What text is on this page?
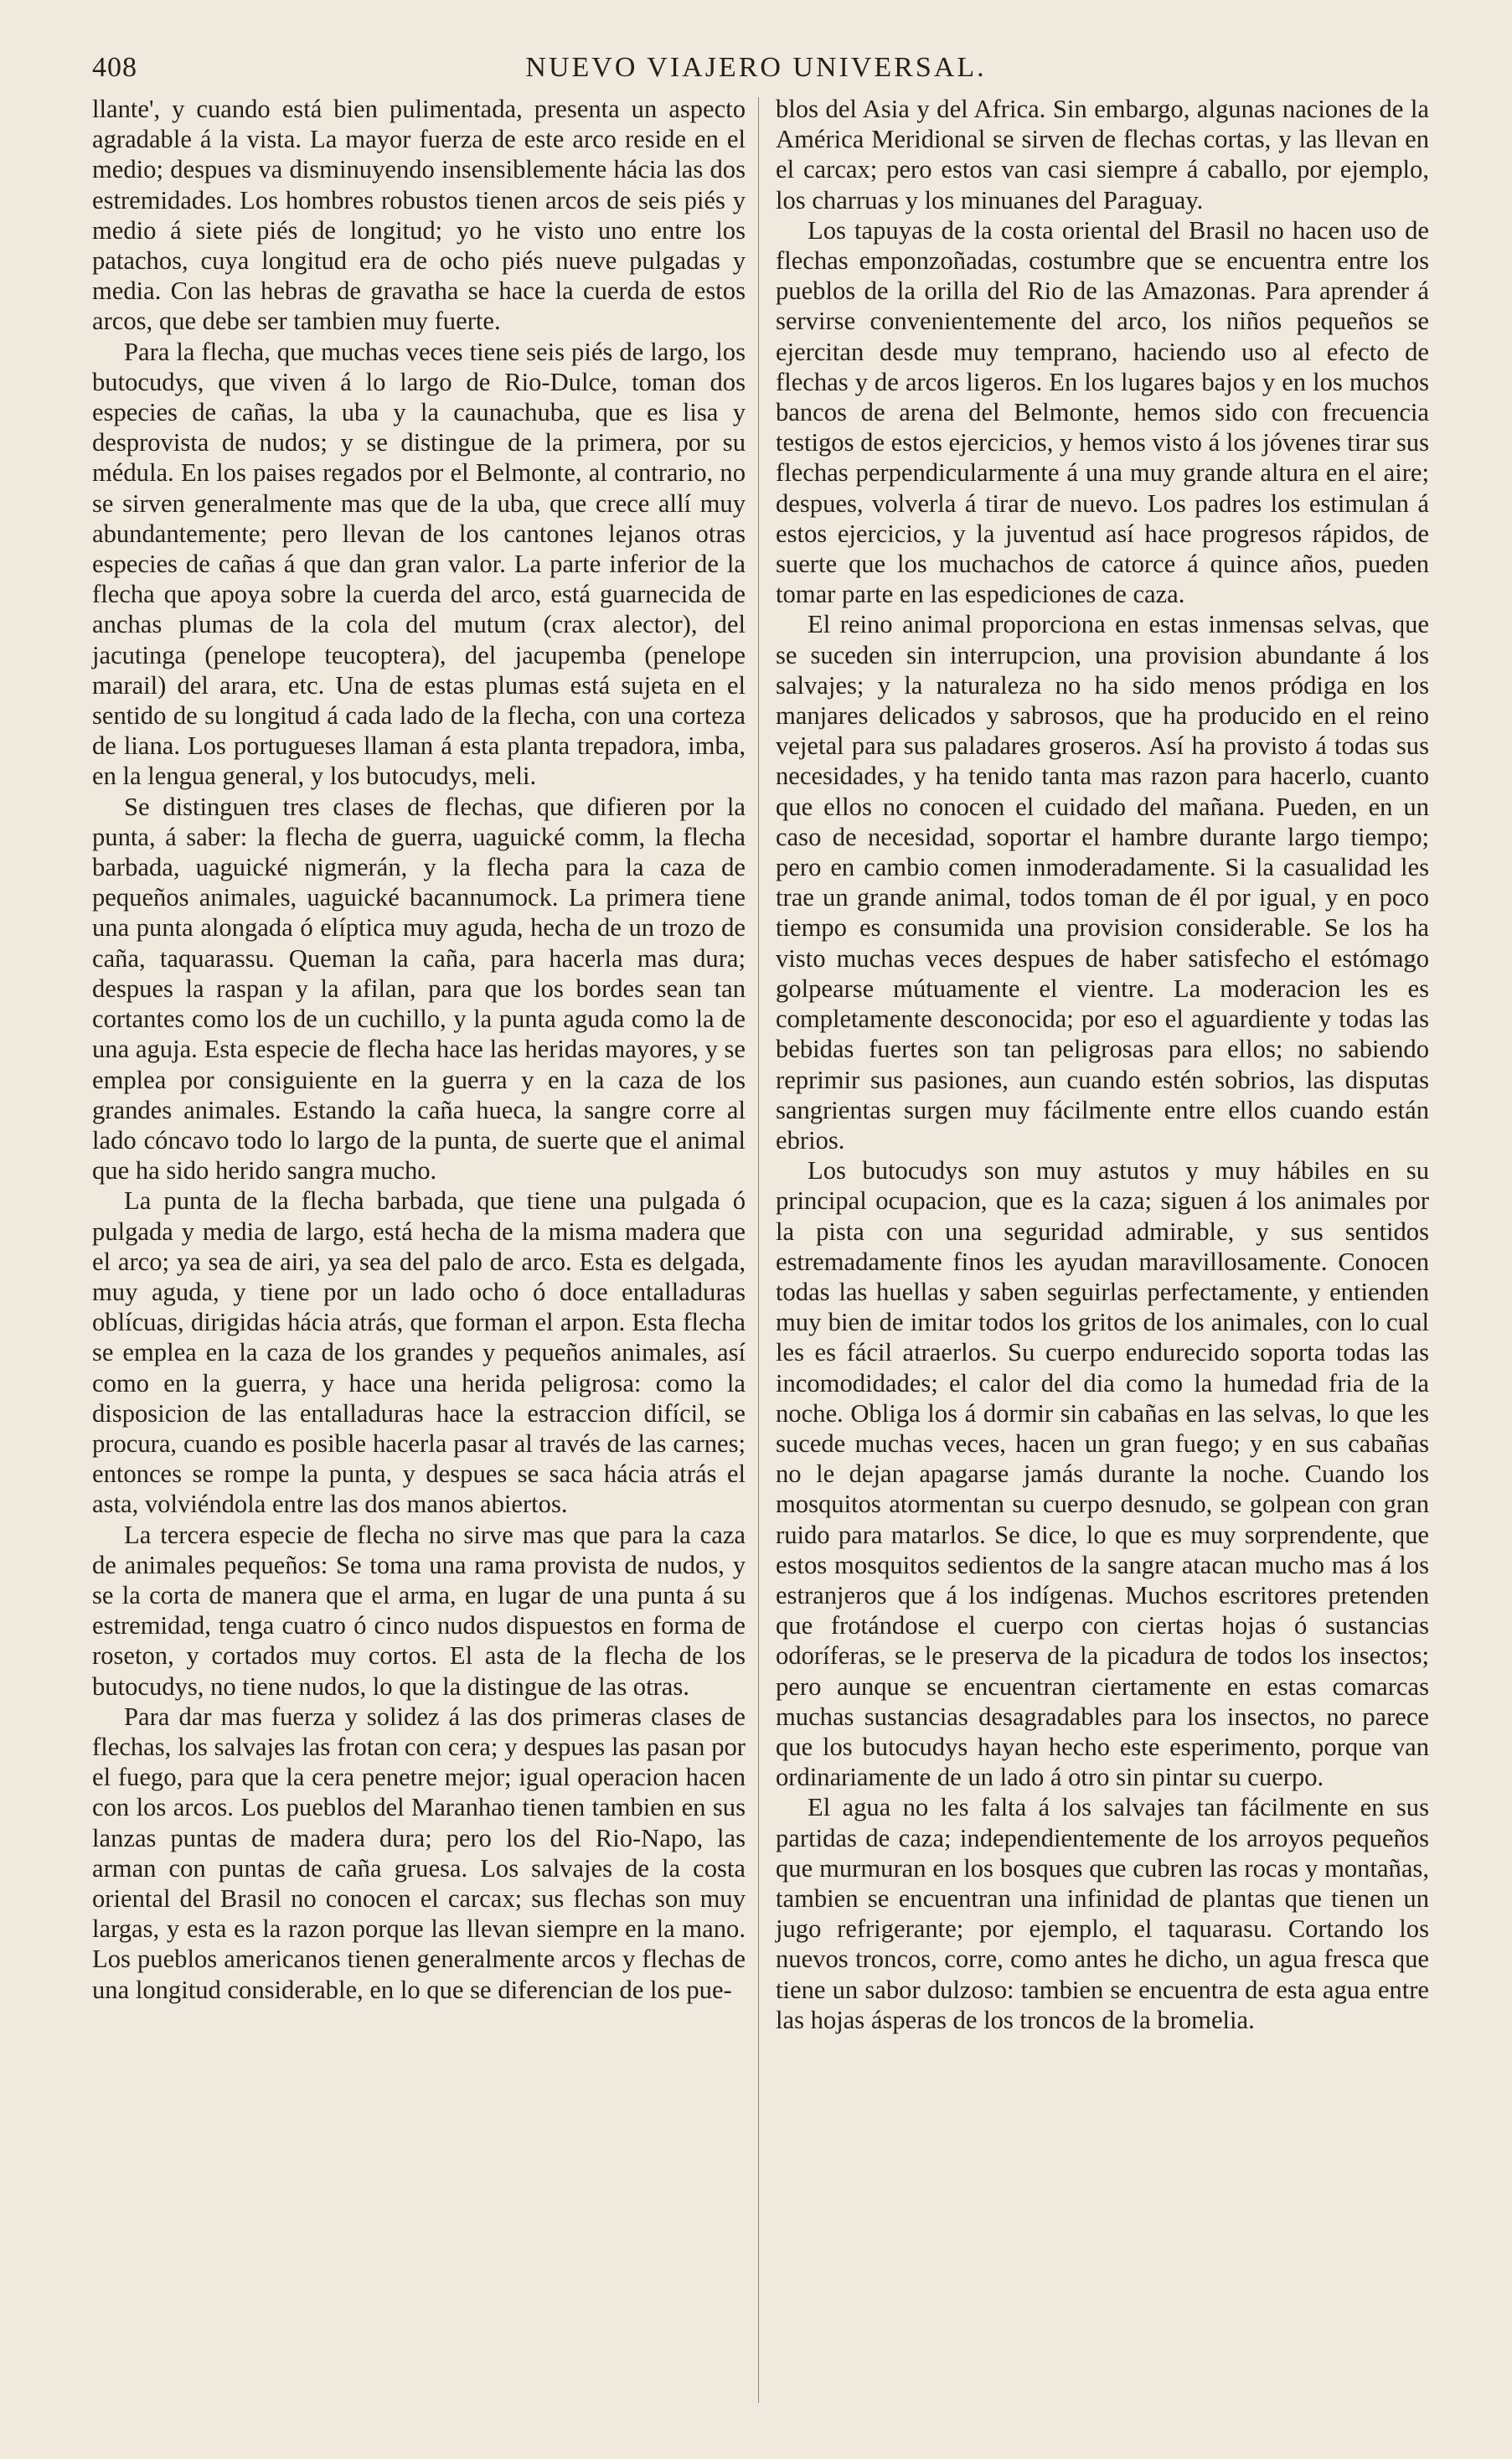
408	NUEVO VIAJERO UNIVERSAL.

llante', y cuando está bien pulimentada, presenta un aspecto agradable á la vista. La mayor fuerza de este arco reside en el medio; despues va disminuyendo insensiblemente hácia las dos estremidades. Los hombres robustos tienen arcos de seis piés y medio á siete piés de longitud; yo he visto uno entre los patachos, cuya longitud era de ocho piés nueve pulgadas y media. Con las hebras de gravatha se hace la cuerda de estos arcos, que debe ser tambien muy fuerte.

Para la flecha, que muchas veces tiene seis piés de largo, los butocudys, que viven á lo largo de Rio-Dulce, toman dos especies de cañas, la uba y la caunachuba, que es lisa y desprovista de nudos; y se distingue de la primera, por su médula. En los paises regados por el Belmonte, al contrario, no se sirven generalmente mas que de la uba, que crece allí muy abundantemente; pero llevan de los cantones lejanos otras especies de cañas á que dan gran valor. La parte inferior de la flecha que apoya sobre la cuerda del arco, está guarnecida de anchas plumas de la cola del mutum (crax alector), del jacutinga (penelope teucoptera), del jacupemba (penelope marail) del arara, etc. Una de estas plumas está sujeta en el sentido de su longitud á cada lado de la flecha, con una corteza de liana. Los portugueses llaman á esta planta trepadora, imba, en la lengua general, y los butocudys, meli.

Se distinguen tres clases de flechas, que difieren por la punta, á saber: la flecha de guerra, uaguické comm, la flecha barbada, uaguické nigmerán, y la flecha para la caza de pequeños animales, uaguické bacannumock. La primera tiene una punta alongada ó elíptica muy aguda, hecha de un trozo de caña, taquarassu. Queman la caña, para hacerla mas dura; despues la raspan y la afilan, para que los bordes sean tan cortantes como los de un cuchillo, y la punta aguda como la de una aguja. Esta especie de flecha hace las heridas mayores, y se emplea por consiguiente en la guerra y en la caza de los grandes animales. Estando la caña hueca, la sangre corre al lado cóncavo todo lo largo de la punta, de suerte que el animal que ha sido herido sangra mucho.

La punta de la flecha barbada, que tiene una pulgada ó pulgada y media de largo, está hecha de la misma madera que el arco; ya sea de airi, ya sea del palo de arco. Esta es delgada, muy aguda, y tiene por un lado ocho ó doce entalladuras oblícuas, dirigidas hácia atrás, que forman el arpon. Esta flecha se emplea en la caza de los grandes y pequeños animales, así como en la guerra, y hace una herida peligrosa: como la disposicion de las entalladuras hace la estraccion difícil, se procura, cuando es posible hacerla pasar al través de las carnes; entonces se rompe la punta, y despues se saca hácia atrás el asta, volviéndola entre las dos manos abiertos.

La tercera especie de flecha no sirve mas que para la caza de animales pequeños: Se toma una rama provista de nudos, y se la corta de manera que el arma, en lugar de una punta á su estremidad, tenga cuatro ó cinco nudos dispuestos en forma de roseton, y cortados muy cortos. El asta de la flecha de los butocudys, no tiene nudos, lo que la distingue de las otras.

Para dar mas fuerza y solidez á las dos primeras clases de flechas, los salvajes las frotan con cera; y despues las pasan por el fuego, para que la cera penetre mejor; igual operacion hacen con los arcos. Los pueblos del Maranhao tienen tambien en sus lanzas puntas de madera dura; pero los del Rio-Napo, las arman con puntas de caña gruesa. Los salvajes de la costa oriental del Brasil no conocen el carcax; sus flechas son muy largas, y esta es la razon porque las llevan siempre en la mano. Los pueblos americanos tienen generalmente arcos y flechas de una longitud considerable, en lo que se diferencian de los pue-

blos del Asia y del Africa. Sin embargo, algunas naciones de la América Meridional se sirven de flechas cortas, y las llevan en el carcax; pero estos van casi siempre á caballo, por ejemplo, los charruas y los minuanes del Paraguay.

Los tapuyas de la costa oriental del Brasil no hacen uso de flechas emponzoñadas, costumbre que se encuentra entre los pueblos de la orilla del Rio de las Amazonas. Para aprender á servirse convenientemente del arco, los niños pequeños se ejercitan desde muy temprano, haciendo uso al efecto de flechas y de arcos ligeros. En los lugares bajos y en los muchos bancos de arena del Belmonte, hemos sido con frecuencia testigos de estos ejercicios, y hemos visto á los jóvenes tirar sus flechas perpendicularmente á una muy grande altura en el aire; despues, volverla á tirar de nuevo. Los padres los estimulan á estos ejercicios, y la juventud así hace progresos rápidos, de suerte que los muchachos de catorce á quince años, pueden tomar parte en las espediciones de caza.

El reino animal proporciona en estas inmensas selvas, que se suceden sin interrupcion, una provision abundante á los salvajes; y la naturaleza no ha sido menos pródiga en los manjares delicados y sabrosos, que ha producido en el reino vejetal para sus paladares groseros. Así ha provisto á todas sus necesidades, y ha tenido tanta mas razon para hacerlo, cuanto que ellos no conocen el cuidado del mañana. Pueden, en un caso de necesidad, soportar el hambre durante largo tiempo; pero en cambio comen inmoderadamente. Si la casualidad les trae un grande animal, todos toman de él por igual, y en poco tiempo es consumida una provision considerable. Se los ha visto muchas veces despues de haber satisfecho el estómago golpearse mútuamente el vientre. La moderacion les es completamente desconocida; por eso el aguardiente y todas las bebidas fuertes son tan peligrosas para ellos; no sabiendo reprimir sus pasiones, aun cuando estén sobrios, las disputas sangrientas surgen muy fácilmente entre ellos cuando están ebrios.

Los butocudys son muy astutos y muy hábiles en su principal ocupacion, que es la caza; siguen á los animales por la pista con una seguridad admirable, y sus sentidos estremadamente finos les ayudan maravillosamente. Conocen todas las huellas y saben seguirlas perfectamente, y entienden muy bien de imitar todos los gritos de los animales, con lo cual les es fácil atraerlos. Su cuerpo endurecido soporta todas las incomodidades; el calor del dia como la humedad fria de la noche. Obliga los á dormir sin cabañas en las selvas, lo que les sucede muchas veces, hacen un gran fuego; y en sus cabañas no le dejan apagarse jamás durante la noche. Cuando los mosquitos atormentan su cuerpo desnudo, se golpean con gran ruido para matarlos. Se dice, lo que es muy sorprendente, que estos mosquitos sedientos de la sangre atacan mucho mas á los estranjeros que á los indígenas. Muchos escritores pretenden que frotándose el cuerpo con ciertas hojas ó sustancias odoríferas, se le preserva de la picadura de todos los insectos; pero aunque se encuentran ciertamente en estas comarcas muchas sustancias desagradables para los insectos, no parece que los butocudys hayan hecho este esperimento, porque van ordinariamente de un lado á otro sin pintar su cuerpo.

El agua no les falta á los salvajes tan fácilmente en sus partidas de caza; independientemente de los arroyos pequeños que murmuran en los bosques que cubren las rocas y montañas, tambien se encuentran una infinidad de plantas que tienen un jugo refrigerante; por ejemplo, el taquarasu. Cortando los nuevos troncos, corre, como antes he dicho, un agua fresca que tiene un sabor dulzoso: tambien se encuentra de esta agua entre las hojas ásperas de los troncos de la bromelia.
